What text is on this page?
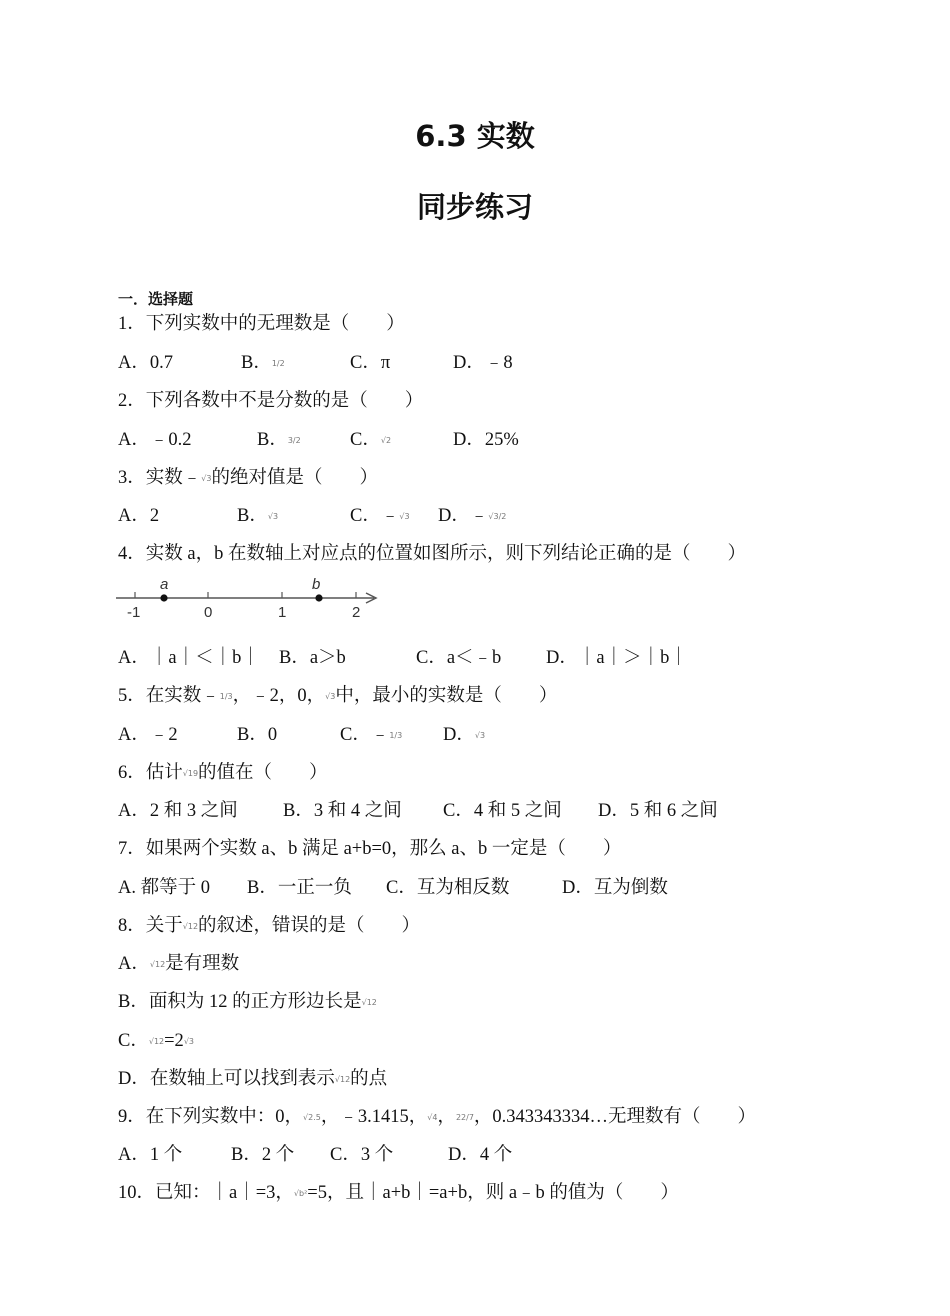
6.3 实数
同步练习
一．选择题
1．下列实数中的无理数是（　　）
A．0.7	B．1/2	C．π	D．﹣8
2．下列各数中不是分数的是（　　）
A．﹣0.2	B．3/2	C．√2	D．25%
3．实数﹣√3的绝对值是（　　）
A．2	B．√3	C．﹣√3 D．﹣√3/2
4．实数 a，b 在数轴上对应点的位置如图所示，则下列结论正确的是（　　）
a	b
-1	0	1	2
A．｜a｜＜｜b｜ B．a＞b	C．a＜﹣b D．｜a｜＞｜b｜
5．在实数﹣1/3，﹣2，0，√3中，最小的实数是（　　）
A．﹣2	B．0	C．﹣1/3 D．√3
6．估计√19的值在（　　）
A．2 和 3 之间 B．3 和 4 之间 C．4 和 5 之间 D．5 和 6 之间
7．如果两个实数 a、b 满足 a+b=0，那么 a、b 一定是（　　）
A. 都等于 0 B．一正一负 C．互为相反数	D．互为倒数
8．关于√12的叙述，错误的是（　　）
A．√12是有理数
B．面积为 12 的正方形边长是√12
C．√12=2√3
D．在数轴上可以找到表示√12的点
9．在下列实数中：0，√2.5，﹣3.1415，√4，22/7，0.343343334…无理数有（　　）
A．1 个	B．2 个 C．3 个	D．4 个
10．已知：｜a｜=3，√b²=5，且｜a+b｜=a+b，则 a﹣b 的值为（　　）
